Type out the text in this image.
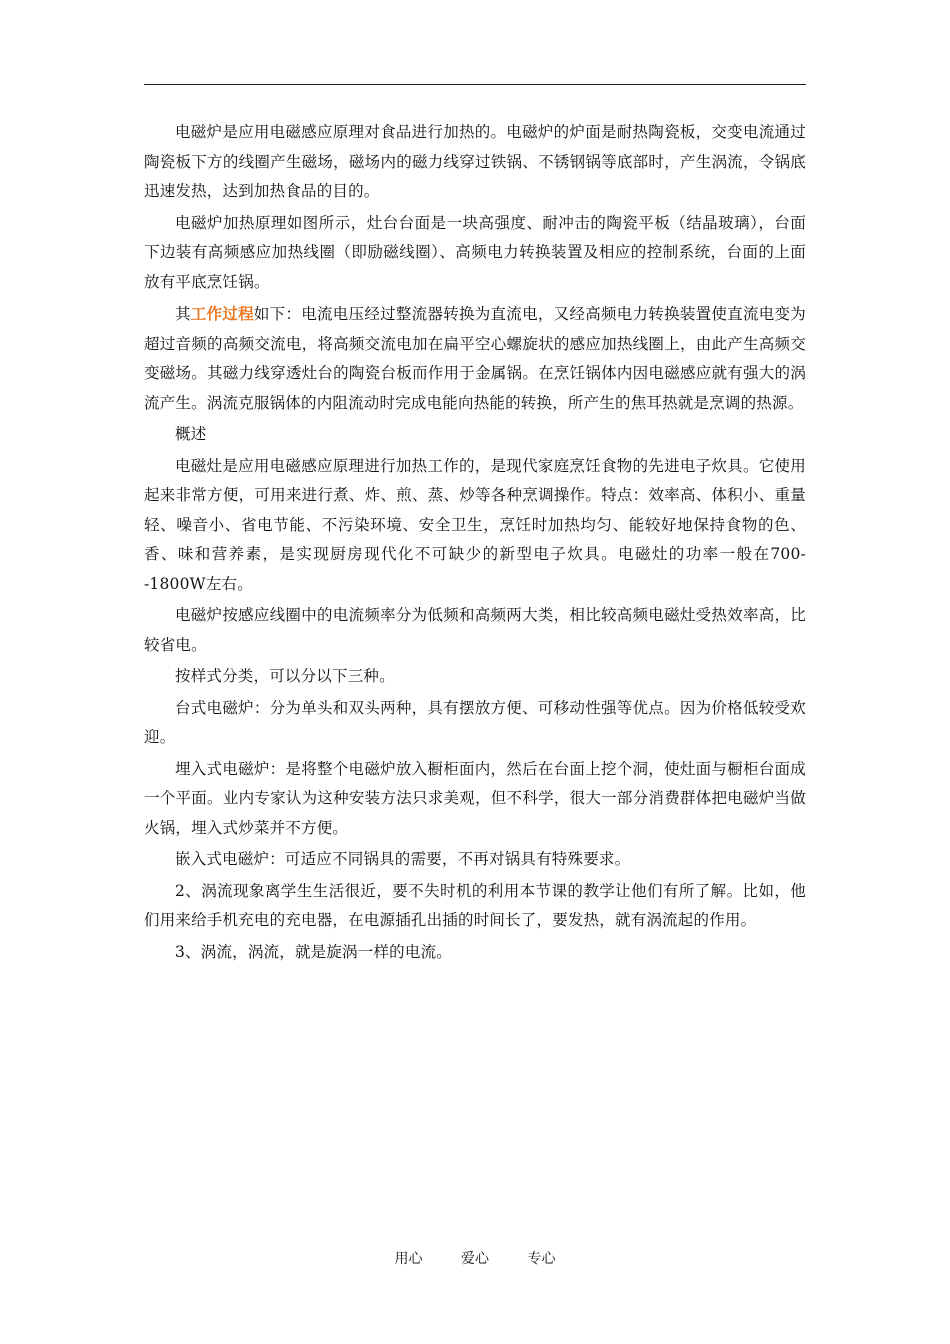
电磁炉是应用电磁感应原理对食品进行加热的。电磁炉的炉面是耐热陶瓷板，交变电流通过陶瓷板下方的线圈产生磁场，磁场内的磁力线穿过铁锅、不锈钢锅等底部时，产生涡流，令锅底迅速发热，达到加热食品的目的。

电磁炉加热原理如图所示，灶台台面是一块高强度、耐冲击的陶瓷平板（结晶玻璃），台面下边装有高频感应加热线圈（即励磁线圈）、高频电力转换装置及相应的控制系统，台面的上面放有平底烹饪锅。

其工作过程如下：电流电压经过整流器转换为直流电，又经高频电力转换装置使直流电变为超过音频的高频交流电，将高频交流电加在扁平空心螺旋状的感应加热线圈上，由此产生高频交变磁场。其磁力线穿透灶台的陶瓷台板而作用于金属锅。在烹饪锅体内因电磁感应就有强大的涡流产生。涡流克服锅体的内阻流动时完成电能向热能的转换，所产生的焦耳热就是烹调的热源。

概述

电磁灶是应用电磁感应原理进行加热工作的，是现代家庭烹饪食物的先进电子炊具。它使用起来非常方便，可用来进行煮、炸、煎、蒸、炒等各种烹调操作。特点：效率高、体积小、重量轻、噪音小、省电节能、不污染环境、安全卫生，烹饪时加热均匀、能较好地保持食物的色、香、味和营养素，是实现厨房现代化不可缺少的新型电子炊具。电磁灶的功率一般在700--1800W左右。

电磁炉按感应线圈中的电流频率分为低频和高频两大类，相比较高频电磁灶受热效率高，比较省电。

按样式分类，可以分以下三种。

台式电磁炉：分为单头和双头两种，具有摆放方便、可移动性强等优点。因为价格低较受欢迎。

埋入式电磁炉：是将整个电磁炉放入橱柜面内，然后在台面上挖个洞，使灶面与橱柜台面成一个平面。业内专家认为这种安装方法只求美观，但不科学，很大一部分消费群体把电磁炉当做火锅，埋入式炒菜并不方便。

嵌入式电磁炉：可适应不同锅具的需要，不再对锅具有特殊要求。

2、涡流现象离学生生活很近，要不失时机的利用本节课的教学让他们有所了解。比如，他们用来给手机充电的充电器，在电源插孔出插的时间长了，要发热，就有涡流起的作用。

3、涡流，涡流，就是旋涡一样的电流。

用心	爱心	专心
